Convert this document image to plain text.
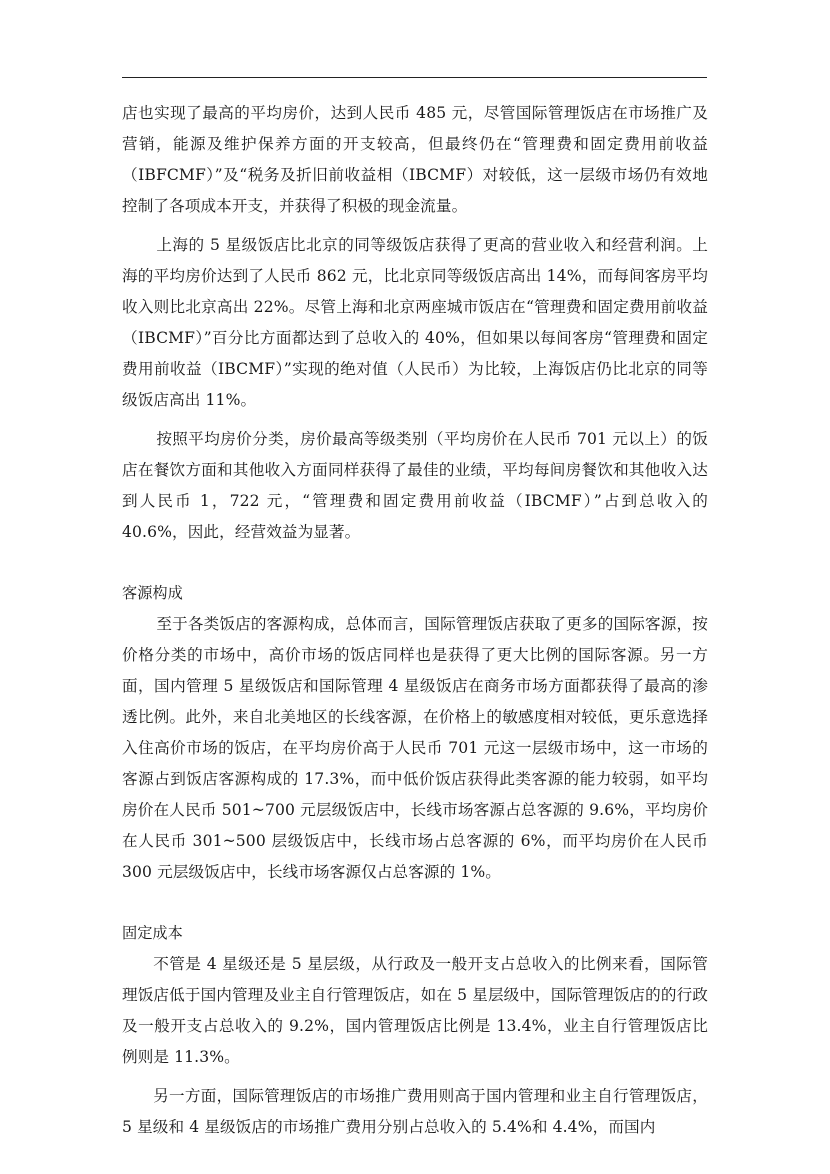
店也实现了最高的平均房价，达到人民币 485 元，尽管国际管理饭店在市场推广及营销，能源及维护保养方面的开支较高，但最终仍在“管理费和固定费用前收益（IBFCMF）”及“税务及折旧前收益相（IBCMF）对较低，这一层级市场仍有效地控制了各项成本开支，并获得了积极的现金流量。

上海的 5 星级饭店比北京的同等级饭店获得了更高的营业收入和经营利润。上海的平均房价达到了人民币 862 元，比北京同等级饭店高出 14%，而每间客房平均收入则比北京高出 22%。尽管上海和北京两座城市饭店在“管理费和固定费用前收益（IBCMF）”百分比方面都达到了总收入的 40%，但如果以每间客房“管理费和固定费用前收益（IBCMF）”实现的绝对值（人民币）为比较，上海饭店仍比北京的同等级饭店高出 11%。

按照平均房价分类，房价最高等级类别（平均房价在人民币 701 元以上）的饭店在餐饮方面和其他收入方面同样获得了最佳的业绩，平均每间房餐饮和其他收入达到人民币 1，722 元，“管理费和固定费用前收益（IBCMF）”占到总收入的 40.6%，因此，经营效益为显著。

客源构成

至于各类饭店的客源构成，总体而言，国际管理饭店获取了更多的国际客源，按价格分类的市场中，高价市场的饭店同样也是获得了更大比例的国际客源。另一方面，国内管理 5 星级饭店和国际管理 4 星级饭店在商务市场方面都获得了最高的渗透比例。此外，来自北美地区的长线客源，在价格上的敏感度相对较低，更乐意选择入住高价市场的饭店，在平均房价高于人民币 701 元这一层级市场中，这一市场的客源占到饭店客源构成的 17.3%，而中低价饭店获得此类客源的能力较弱，如平均房价在人民币 501~700 元层级饭店中，长线市场客源占总客源的 9.6%，平均房价在人民币 301~500 层级饭店中，长线市场占总客源的 6%，而平均房价在人民币 300 元层级饭店中，长线市场客源仅占总客源的 1%。

固定成本

不管是 4 星级还是 5 星层级，从行政及一般开支占总收入的比例来看，国际管理饭店低于国内管理及业主自行管理饭店，如在 5 星层级中，国际管理饭店的的行政及一般开支占总收入的 9.2%，国内管理饭店比例是 13.4%，业主自行管理饭店比例则是 11.3%。

另一方面，国际管理饭店的市场推广费用则高于国内管理和业主自行管理饭店，5 星级和 4 星级饭店的市场推广费用分别占总收入的 5.4%和 4.4%，而国内
